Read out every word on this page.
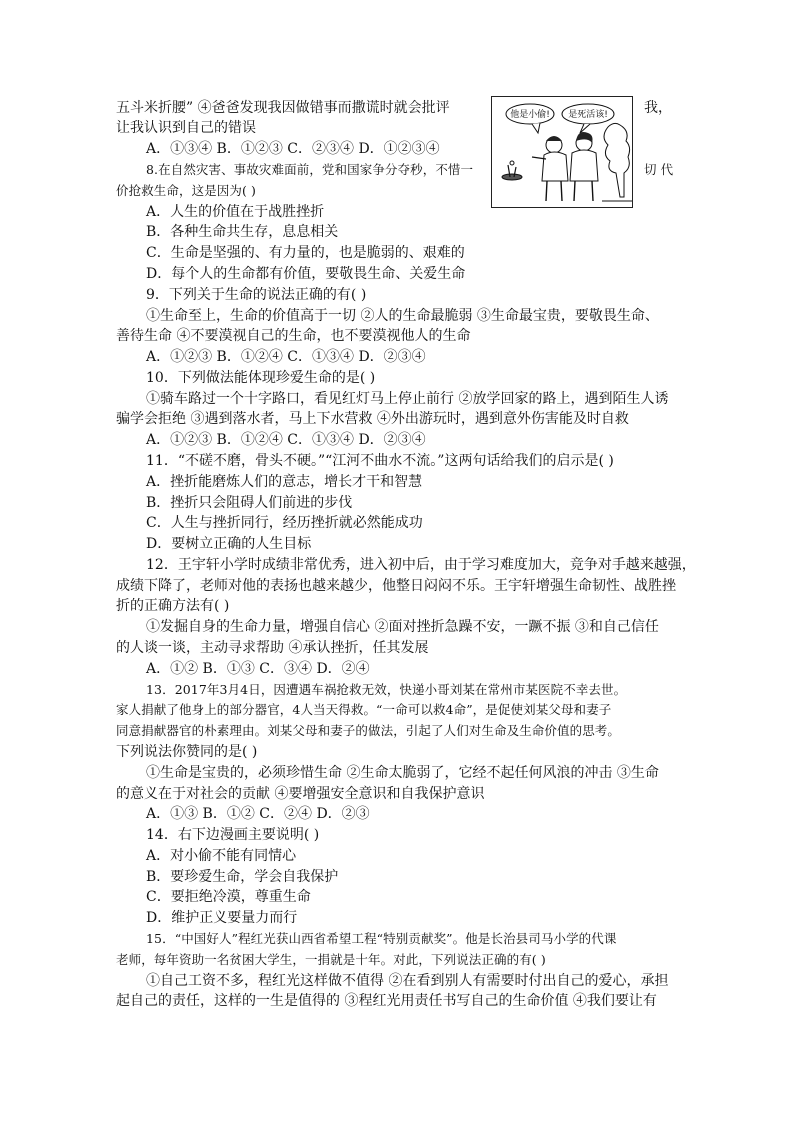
五斗米折腰” ④爸爸发现我因做错事而撒谎时就会批评	我，
让我认识到自己的错误
A．①③④ B．①②③ C．②③④ D．①②③④
8.在自然灾害、事故灾难面前，党和国家争分夺秒，不惜一	切 代
价抢救生命，这是因为( )
A．人生的价值在于战胜挫折
B．各种生命共生存，息息相关
C．生命是坚强的、有力量的，也是脆弱的、艰难的
D．每个人的生命都有价值，要敬畏生命、关爱生命
9．下列关于生命的说法正确的有( )
①生命至上，生命的价值高于一切 ②人的生命最脆弱 ③生命最宝贵，要敬畏生命、
善待生命 ④不要漠视自己的生命，也不要漠视他人的生命
A．①②③ B．①②④ C．①③④ D．②③④
10．下列做法能体现珍爱生命的是( )
①骑车路过一个十字路口，看见红灯马上停止前行 ②放学回家的路上，遇到陌生人诱
骗学会拒绝 ③遇到落水者，马上下水营救 ④外出游玩时，遇到意外伤害能及时自救
A．①②③ B．①②④ C．①③④ D．②③④
11．“不磋不磨，骨头不硬。”“江河不曲水不流。”这两句话给我们的启示是( )
A．挫折能磨炼人们的意志，增长才干和智慧
B．挫折只会阻碍人们前进的步伐
C．人生与挫折同行，经历挫折就必然能成功
D．要树立正确的人生目标
12．王宇轩小学时成绩非常优秀，进入初中后，由于学习难度加大，竞争对手越来越强，
成绩下降了，老师对他的表扬也越来越少，他整日闷闷不乐。王宇轩增强生命韧性、战胜挫
折的正确方法有( )
①发掘自身的生命力量，增强自信心 ②面对挫折急躁不安，一蹶不振 ③和自己信任
的人谈一谈，主动寻求帮助 ④承认挫折，任其发展
A．①② B．①③ C．③④ D．②④
13．2017年3月4日，因遭遇车祸抢救无效，快递小哥刘某在常州市某医院不幸去世。
家人捐献了他身上的部分器官，4人当天得救。“一命可以救4命”，是促使刘某父母和妻子
同意捐献器官的朴素理由。刘某父母和妻子的做法，引起了人们对生命及生命价值的思考。
下列说法你赞同的是( )
①生命是宝贵的，必须珍惜生命 ②生命太脆弱了，它经不起任何风浪的冲击 ③生命
的意义在于对社会的贡献 ④要增强安全意识和自我保护意识
A．①③ B．①② C．②④ D．②③
14．右下边漫画主要说明( )
A．对小偷不能有同情心
B．要珍爱生命，学会自我保护
C．要拒绝冷漠，尊重生命
D．维护正义要量力而行
15．“中国好人”程红光获山西省希望工程“特别贡献奖”。他是长治县司马小学的代课
老师，每年资助一名贫困大学生，一捐就是十年。对此，下列说法正确的有( )
①自己工资不多，程红光这样做不值得 ②在看到别人有需要时付出自己的爱心，承担
起自己的责任，这样的一生是值得的 ③程红光用责任书写自己的生命价值 ④我们要让有
他是小偷! 是死活该!
